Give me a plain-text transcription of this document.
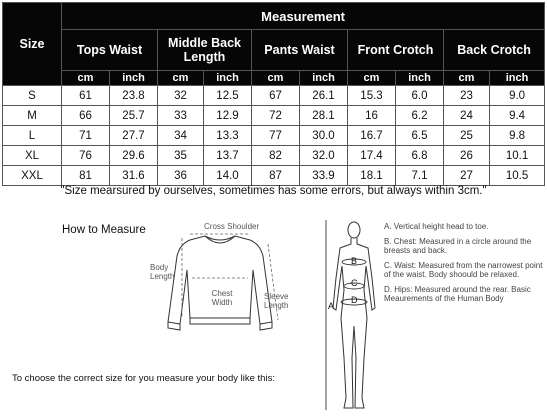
Size	Measurement									
	Tops Waist		Middle Back Length		Pants Waist		Front Crotch		Back Crotch	
	cm	inch	cm	inch	cm	inch	cm	inch	cm	inch
S	61	23.8	32	12.5	67	26.1	15.3	6.0	23	9.0
M	66	25.7	33	12.9	72	28.1	16	6.2	24	9.4
L	71	27.7	34	13.3	77	30.0	16.7	6.5	25	9.8
XL	76	29.6	35	13.7	82	32.0	17.4	6.8	26	10.1
XXL	81	31.6	36	14.0	87	33.9	18.1	7.1	27	10.5
"Size mearsured by ourselves, sometimes has some errors, but always within 3cm."
How to Measure	Cross Shoulder
Body Length
Chest Width
Sleeve Length
B
C
D
A
A. Vertical height head to toe.
B. Chest: Measured in a circle around the breasts and back.
C. Waist: Measured from the narrowest point of the waist. Body shoould be relaxed.
D. Hips: Measured around the rear. Basic Meaurements of the Human Body
To choose the correct size for you measure your body like this:
